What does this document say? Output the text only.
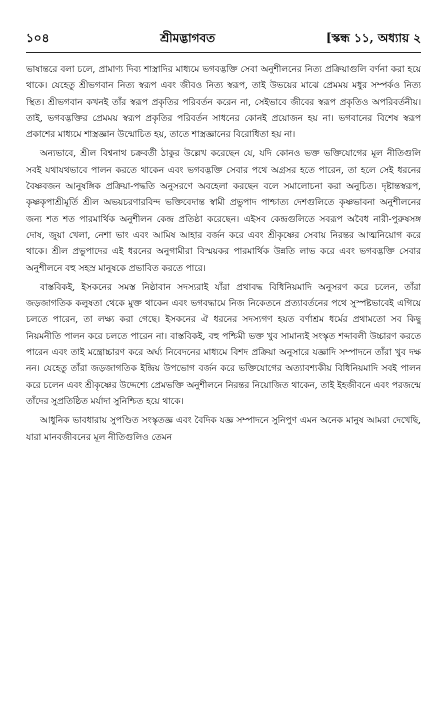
১০৪	শ্রীমদ্ভাগবত	[স্কন্ধ ১১, অধ্যায় ২

ভাষান্তরে বলা চলে, প্রামাণ্য দিব্য শাস্ত্রাদির মাধ্যমে ভগবদ্ভক্তি সেবা অনুশীলনের নিত্য প্রক্রিয়াগুলি বর্ণনা করা হয়ে থাকে। যেহেতু শ্রীভগবান নিত্য স্বরূপ এবং জীবও নিত্য স্বরূপ, তাই উভয়ের মাঝে প্রেমময় মধুর সম্পর্কও নিত্য স্থিত। শ্রীভগবান কখনই তাঁর স্বরূপ প্রকৃতির পরিবর্তন করেন না, সেইভাবে জীবের স্বরূপ প্রকৃতিও অপরিবর্তনীয়। তাই, ভগবদ্ভক্তির প্রেমময় স্বরূপ প্রকৃতির পরিবর্তন সাধনের কোনই প্রয়োজন হয় না। ভগবানের বিশেষ স্বরূপ প্রকাশের মাধ্যমে শাস্ত্রজ্ঞান উন্মোচিত হয়, তাতে শাস্ত্রজ্ঞানের বিরোধিতা হয় না।

অন্যভাবে, শ্রীল বিশ্বনাথ চক্রবর্তী ঠাকুর উল্লেখ করেছেন যে, যদি কোনও ভক্ত ভক্তিযোগের মূল নীতিগুলি সবই যথাযথভাবে পালন করতে থাকেন এবং ভগবদ্ভক্তি সেবার পথে অগ্রসর হতে পারেন, তা হলে সেই ধরনের বৈষ্ণবজন আনুষঙ্গিক প্রক্রিয়া-পদ্ধতি অনুসরণে অবহেলা করছেন বলে সমালোচনা করা অনুচিত। দৃষ্টান্তস্বরূপ, কৃষ্ণকৃপাশ্রীমূর্তি শ্রীল অভয়চরণারবিন্দ ভক্তিবেদান্ত স্বামী প্রভুপাদ পাশ্চাত্য দেশগুলিতে কৃষ্ণভাবনা অনুশীলনের জন্য শত শত পারমার্থিক অনুশীলন কেন্দ্র প্রতিষ্ঠা করেছেন। এইসব কেন্দ্রগুলিতে সবরূপ অবৈধ নারী-পুরুষসঙ্গ দোষ, জুয়া খেলা, নেশা ভাং এবং আমিষ আহার বর্জন করে এবং শ্রীকৃষ্ণের সেবায় নিরন্তর আত্মনিয়োগ করে থাকে। শ্রীল প্রভুপাদের এই ধরনের অনুগামীরা বিস্ময়কর পারমার্থিক উন্নতি লাভ করে এবং ভগবদ্ভক্তি সেবার অনুশীলনে বহু সহস্র মানুষকে প্রভাবিত করতে পারে।

বাস্তবিকই, ইসকনের সমস্ত নিষ্ঠাবান সদস্যরাই যাঁরা প্রথাবদ্ধ বিধিনিয়মাদি অনুসরণ করে চলেন, তাঁরা জড়জাগতিক কলুষতা থেকে মুক্ত থাকেন এবং ভগবদ্ধামে নিজ নিকেতনে প্রত্যাবর্তনের পথে সুস্পষ্টভাবেই এগিয়ে চলতে পারেন, তা লক্ষ্য করা গেছে। ইসকনের ঐ ধরনের সদস্যগণ হয়ত বর্ণাশ্রম ধর্মের প্রথামতো সব কিছু নিয়মনীতি পালন করে চলতে পারেন না। বাস্তবিকই, বহু পশ্চিমী ভক্ত খুব সামান্যই সংস্কৃত শব্দাবলী উচ্চারণ করতে পারেন এবং তাই মন্ত্রোচ্চারণ করে অর্ঘ্য নিবেদনের মাধ্যমে বিশদ প্রক্রিয়া অনুসারে যজ্ঞাদি সম্পাদনে তাঁরা খুব দক্ষ নন। যেহেতু তাঁরা জড়জাগতিক ইন্দ্রিয় উপভোগ বর্জন করে ভক্তিযোগের অত্যাবশ্যকীয় বিধিনিয়মাদি সবই পালন করে চলেন এবং শ্রীকৃষ্ণের উদ্দেশ্যে প্রেমভক্তি অনুশীলনে নিরন্তর নিয়োজিত থাকেন, তাই ইহজীবনে এবং পরজন্মে তাঁদের সুপ্রতিষ্ঠিত মর্যাদা সুনিশ্চিত হয়ে থাকে।

আধুনিক ভাবধারায় সুপণ্ডিত সংস্কৃতজ্ঞ এবং বৈদিক যজ্ঞ সম্পাদনে সুনিপুণ এমন অনেক মানুষ আমরা দেখেছি, যারা মানবজীবনের মূল নীতিগুলিও তেমন
